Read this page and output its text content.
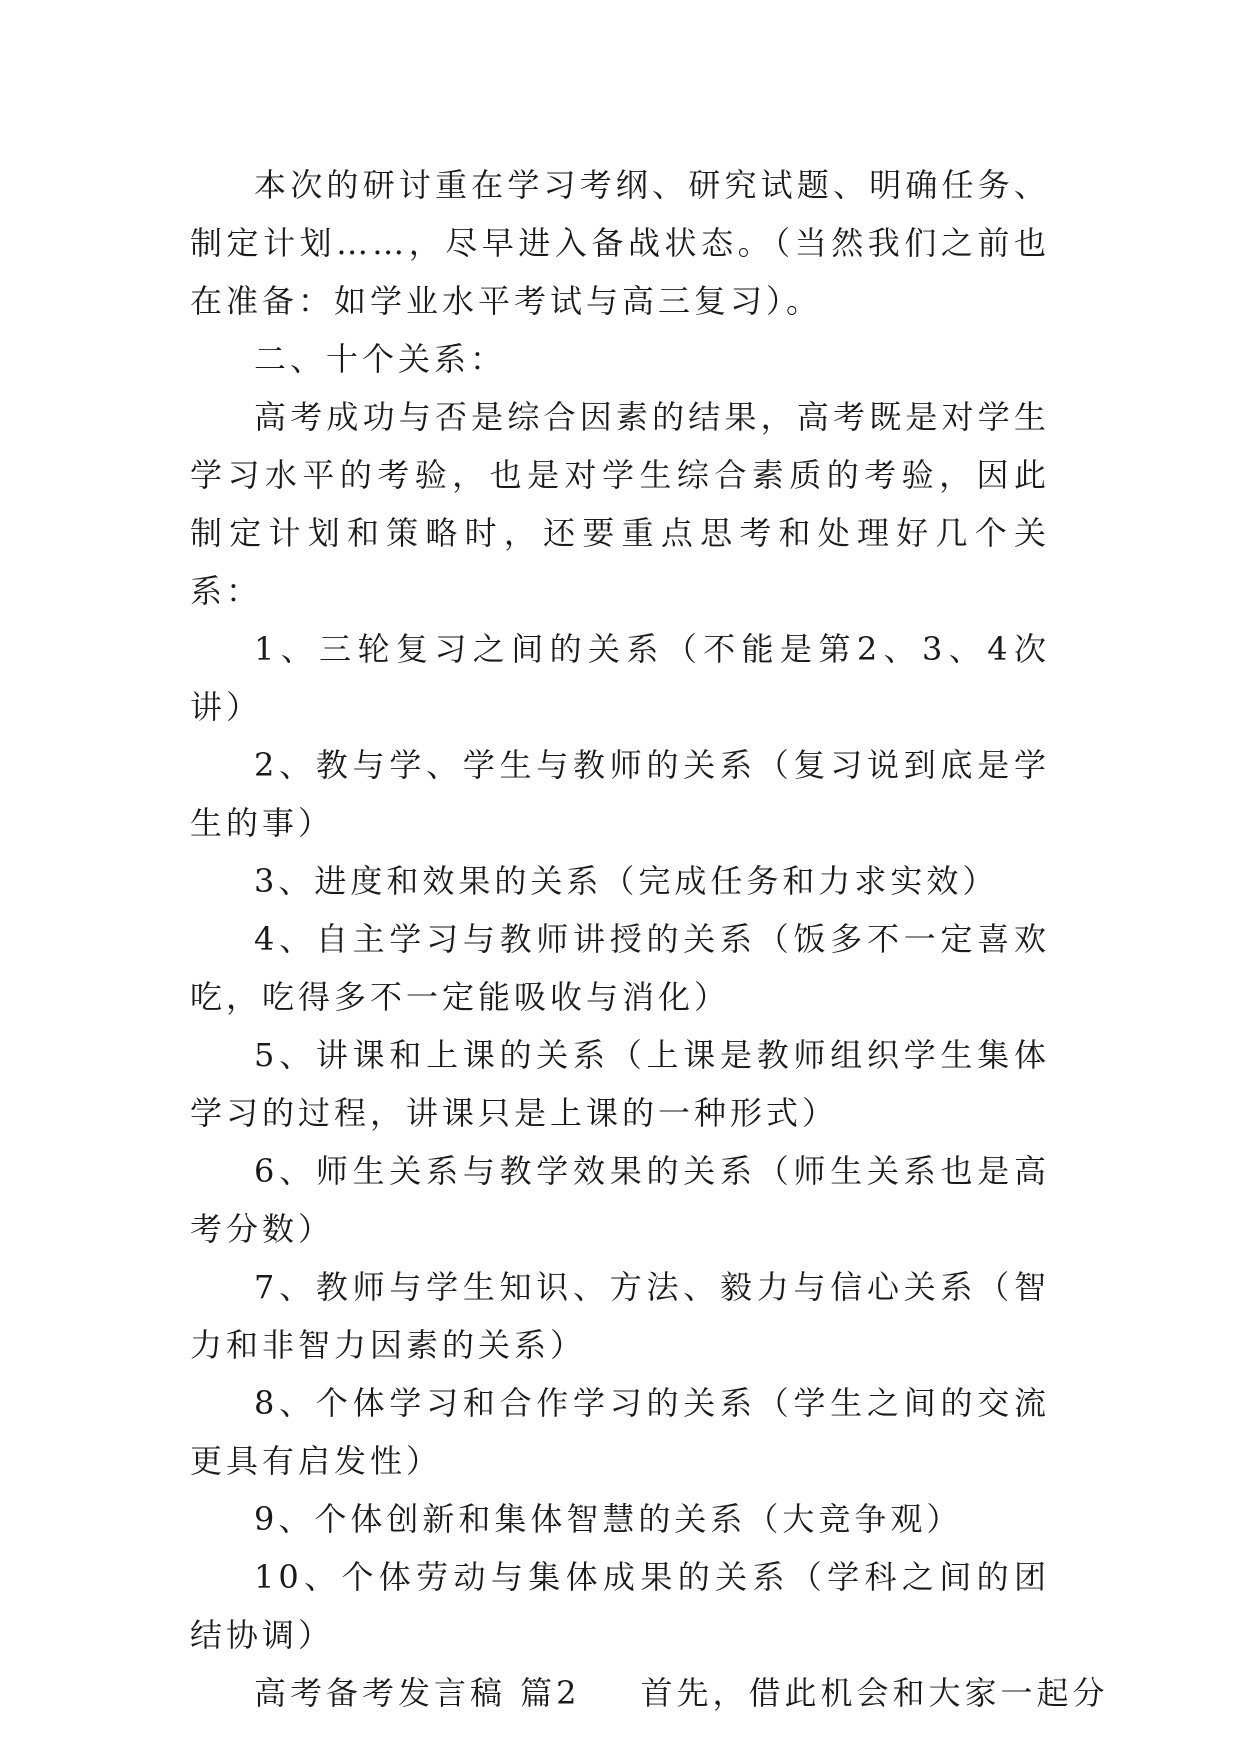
本次的研讨重在学习考纲、研究试题、明确任务、制定计划……，尽早进入备战状态。（当然我们之前也在准备：如学业水平考试与高三复习）。

二、十个关系：

高考成功与否是综合因素的结果，高考既是对学生学习水平的考验，也是对学生综合素质的考验，因此制定计划和策略时，还要重点思考和处理好几个关系：

1、三轮复习之间的关系（不能是第2、3、4次讲）

2、教与学、学生与教师的关系（复习说到底是学生的事）

3、进度和效果的关系（完成任务和力求实效）

4、自主学习与教师讲授的关系（饭多不一定喜欢吃，吃得多不一定能吸收与消化）

5、讲课和上课的关系（上课是教师组织学生集体学习的过程，讲课只是上课的一种形式）

6、师生关系与教学效果的关系（师生关系也是高考分数）

7、教师与学生知识、方法、毅力与信心关系（智力和非智力因素的关系）

8、个体学习和合作学习的关系（学生之间的交流更具有启发性）

9、个体创新和集体智慧的关系（大竞争观）

10、个体劳动与集体成果的关系（学科之间的团结协调）

高考备考发言稿 篇2 首先，借此机会和大家一起分
